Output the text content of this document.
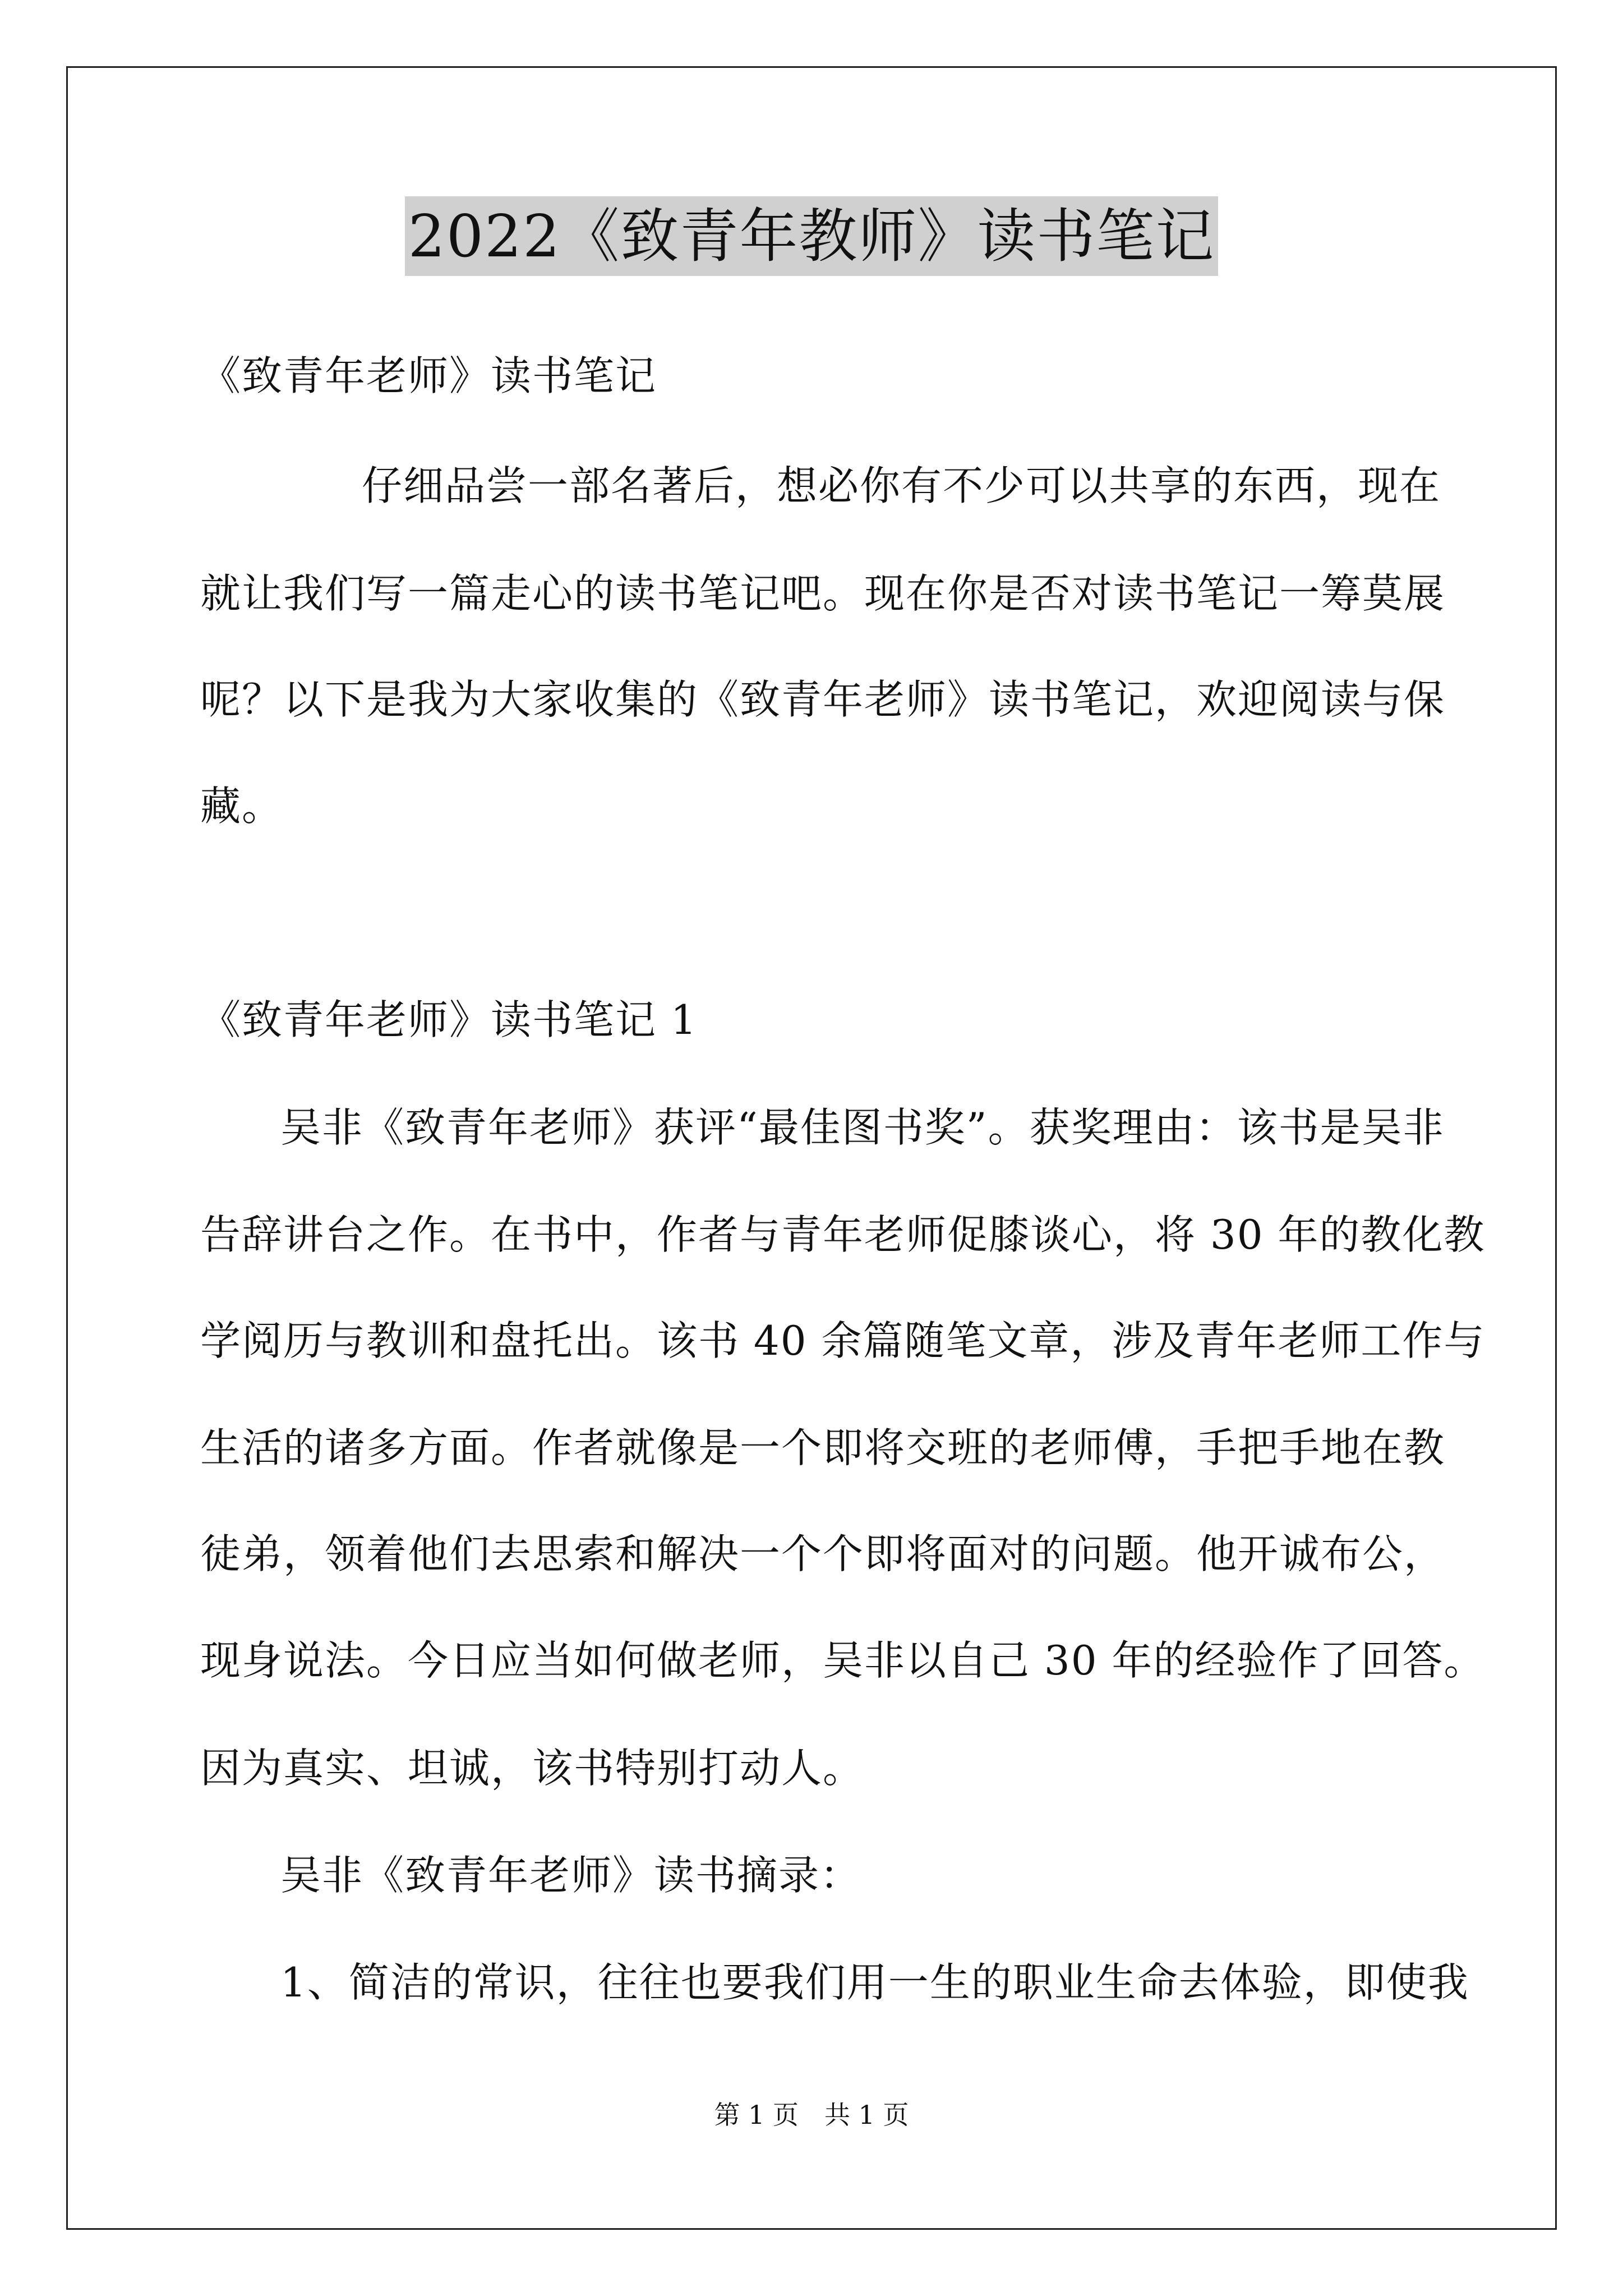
2022《致青年教师》读书笔记
《致青年老师》读书笔记
仔细品尝一部名著后，想必你有不少可以共享的东西，现在
就让我们写一篇走心的读书笔记吧。现在你是否对读书笔记一筹莫展
呢？以下是我为大家收集的《致青年老师》读书笔记，欢迎阅读与保
藏。
《致青年老师》读书笔记 1
吴非《致青年老师》获评“最佳图书奖”。获奖理由：该书是吴非
告辞讲台之作。在书中，作者与青年老师促膝谈心，将 30 年的教化教
学阅历与教训和盘托出。该书 40 余篇随笔文章，涉及青年老师工作与
生活的诸多方面。作者就像是一个即将交班的老师傅，手把手地在教
徒弟，领着他们去思索和解决一个个即将面对的问题。他开诚布公，
现身说法。今日应当如何做老师，吴非以自己 30 年的经验作了回答。
因为真实、坦诚，该书特别打动人。
吴非《致青年老师》读书摘录：
1、简洁的常识，往往也要我们用一生的职业生命去体验，即使我
第 1 页　共 1 页
